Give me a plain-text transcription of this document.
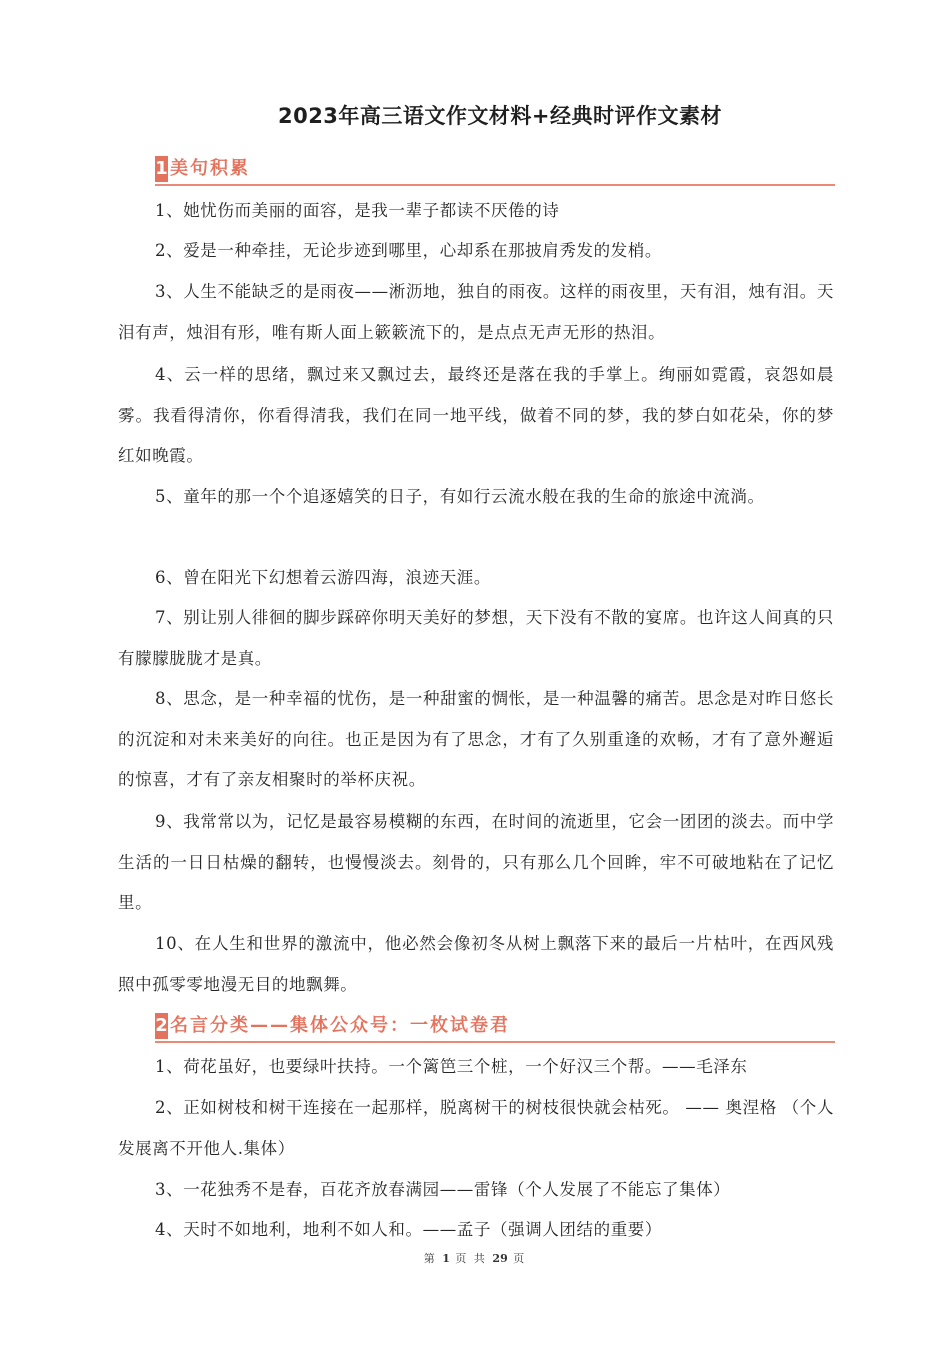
2023年高三语文作文材料+经典时评作文素材
1 美句积累

1、她忧伤而美丽的面容，是我一辈子都读不厌倦的诗

2、爱是一种牵挂，无论步迹到哪里，心却系在那披肩秀发的发梢。

3、人生不能缺乏的是雨夜——淅沥地，独自的雨夜。这样的雨夜里，天有泪，烛有泪。天泪有声，烛泪有形，唯有斯人面上簌簌流下的，是点点无声无形的热泪。

4、云一样的思绪，飘过来又飘过去，最终还是落在我的手掌上。绚丽如霓霞，哀怨如晨雾。我看得清你，你看得清我，我们在同一地平线，做着不同的梦，我的梦白如花朵，你的梦红如晚霞。

5、童年的那一个个追逐嬉笑的日子，有如行云流水般在我的生命的旅途中流淌。

6、曾在阳光下幻想着云游四海，浪迹天涯。

7、别让别人徘徊的脚步踩碎你明天美好的梦想，天下没有不散的宴席。也许这人间真的只有朦朦胧胧才是真。

8、思念，是一种幸福的忧伤，是一种甜蜜的惆怅，是一种温馨的痛苦。思念是对昨日悠长的沉淀和对未来美好的向往。也正是因为有了思念，才有了久别重逢的欢畅，才有了意外邂逅的惊喜，才有了亲友相聚时的举杯庆祝。

9、我常常以为，记忆是最容易模糊的东西，在时间的流逝里，它会一团团的淡去。而中学生活的一日日枯燥的翻转，也慢慢淡去。刻骨的，只有那么几个回眸，牢不可破地粘在了记忆里。

10、在人生和世界的激流中，他必然会像初冬从树上飘落下来的最后一片枯叶，在西风残照中孤零零地漫无目的地飘舞。

2 名言分类——集体公众号：一枚试卷君

1、荷花虽好，也要绿叶扶持。一个篱笆三个桩，一个好汉三个帮。——毛泽东

2、正如树枝和树干连接在一起那样，脱离树干的树枝很快就会枯死。 —— 奥涅格 （个人发展离不开他人.集体）

3、一花独秀不是春，百花齐放春满园——雷锋（个人发展了不能忘了集体）

4、天时不如地利，地利不如人和。——孟子（强调人团结的重要）

第 1 页 共 29 页
